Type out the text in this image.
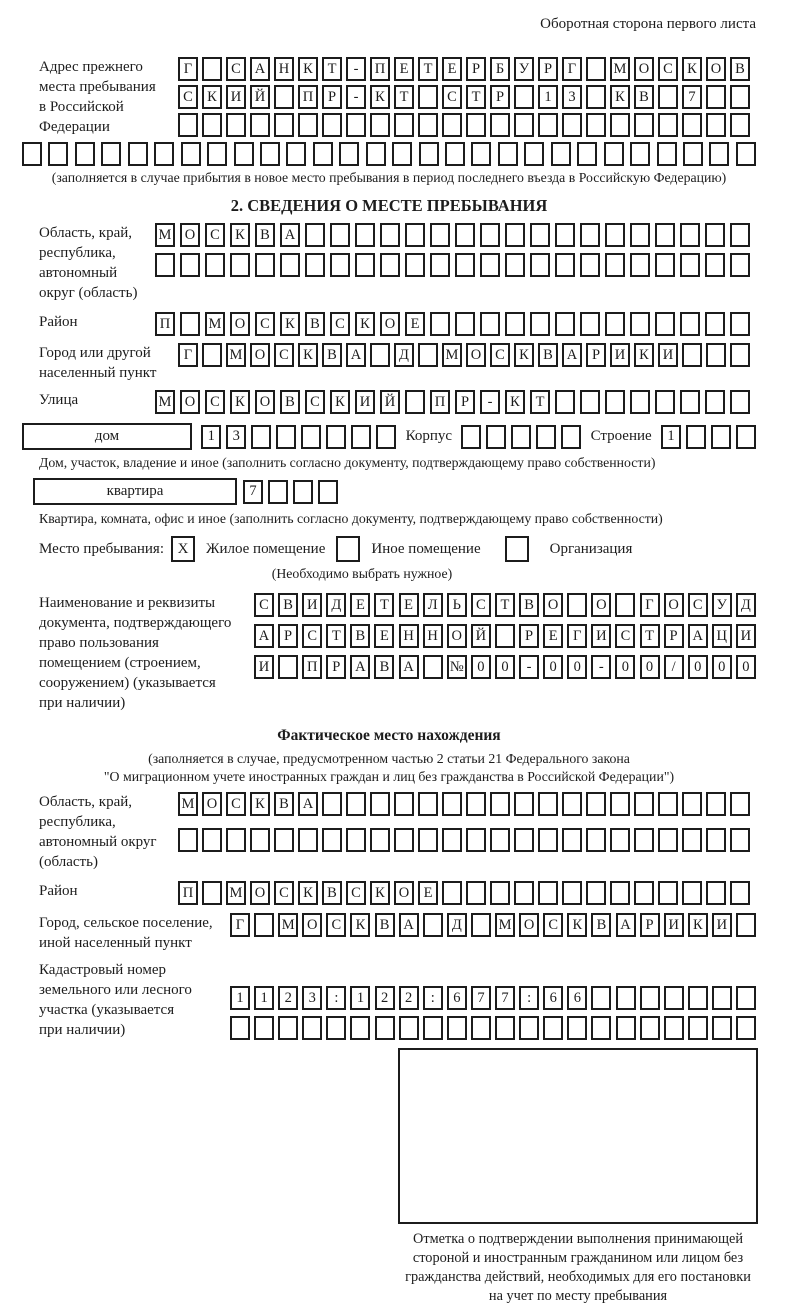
Оборотная сторона первого листа
Адрес прежнего
места пребывания
в Российской
Федерации
Г	С А Н К	Т	-	П Е	Т	Е	Р	Б	У	Р	Г	М О С К О В
С К И Й	П	Р	-	К	Т	С	Т	Р	1	3	К В	7
(заполняется в случае прибытия в новое место пребывания в период последнего въезда в Российскую Федерацию)
2. СВЕДЕНИЯ О МЕСТЕ ПРЕБЫВАНИЯ
Область, край,
республика,
автономный
округ (область)
М О	С	К	В	А
Район	П	М О	С	К	В	С	К	О	Е
Город или другой
населенный пункт
Г	М О С К В А	Д	М О С К В А	Р	И К И
Улица	М О	С	К	О	В	С	К	И	Й	П	Р	-	К	Т
дом	1	3	Корпус	Строение	1
Дом, участок, владение и иное (заполнить согласно документу, подтверждающему право собственности)
квартира	7
Квартира, комната, офис и иное (заполнить согласно документу, подтверждающему право собственности)
Место пребывания: X	Жилое помещение	Иное помещение	Организация
(Необходимо выбрать нужное)
Наименование и реквизиты
документа, подтверждающего
право пользования
помещением (строением,
сооружением) (указывается
при наличии)
С В И Д	Е	Т	Е	Л	Ь	С	Т	В О	О	Г	О С У Д
А	Р	С	Т	В	Е Н Н О Й	Р	Е	Г	И С	Т	Р	А Ц И
И	П	Р	А В А	№ 0	0	-	0	0	-	0	0	/	0	0	0
Фактическое место нахождения
(заполняется в случае, предусмотренном частью 2 статьи 21 Федерального закона
"О миграционном учете иностранных граждан и лиц без гражданства в Российской Федерации")
Область, край,
республика,
автономный округ
(область)
М О С К В А
Район	П	М О С К В С К О Е
Город, сельское поселение,
иной населенный пункт
Г	М О С К В А	Д	М О С К В А	Р	И К И
Кадастровый номер
земельного или лесного
участка (указывается
при наличии)
1	1	2	3	:	1	2	2	:	6	7	7	:	6	6
Отметка о подтверждении выполнения принимающей
стороной и иностранным гражданином или лицом без
гражданства действий, необходимых для его постановки
на учет по месту пребывания
